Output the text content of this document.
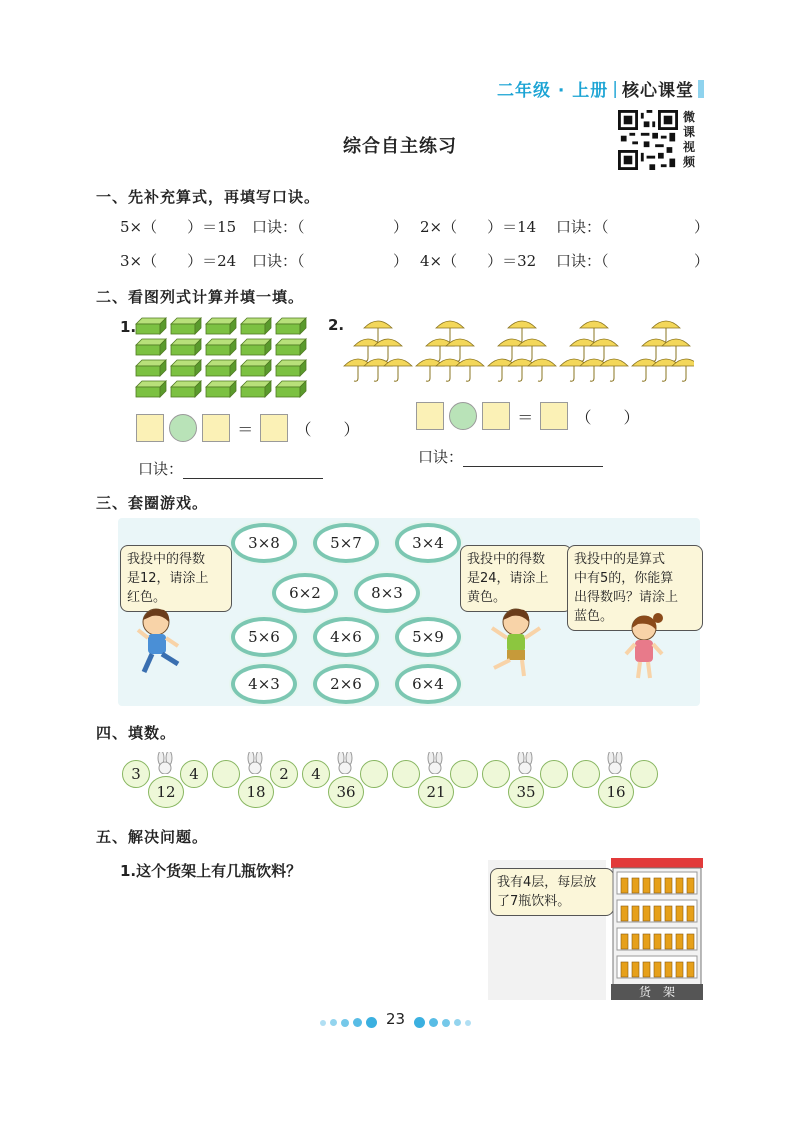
二年级 · 上册 | 核心课堂
综合自主练习
微
课
视
频
一、先补充算式，再填写口诀。
5×（　　）＝15 口诀：（	） 2×（　　）＝14 口诀：（	）
3×（　　）＝24 口诀：（	） 4×（　　）＝32 口诀：（	）
二、看图列式计算并填一填。
1.
＝	（　　）
口诀：
2.
＝	（　　）
口诀：
三、套圈游戏。
3×8	5×7	3×4
6×2	8×3
5×6	4×6	5×9
4×3	2×6	6×4
我投中的得数
是12，请涂上
红色。
我投中的得数
是24，请涂上
黄色。
我投中的是算式
中有5的，你能算
出得数吗？请涂上
蓝色。
四、填数。
3	4
12
2
18
4
36	21	35	16
五、解决问题。
1.这个货架上有几瓶饮料？
我有4层，每层放
了7瓶饮料。
货　架
23
